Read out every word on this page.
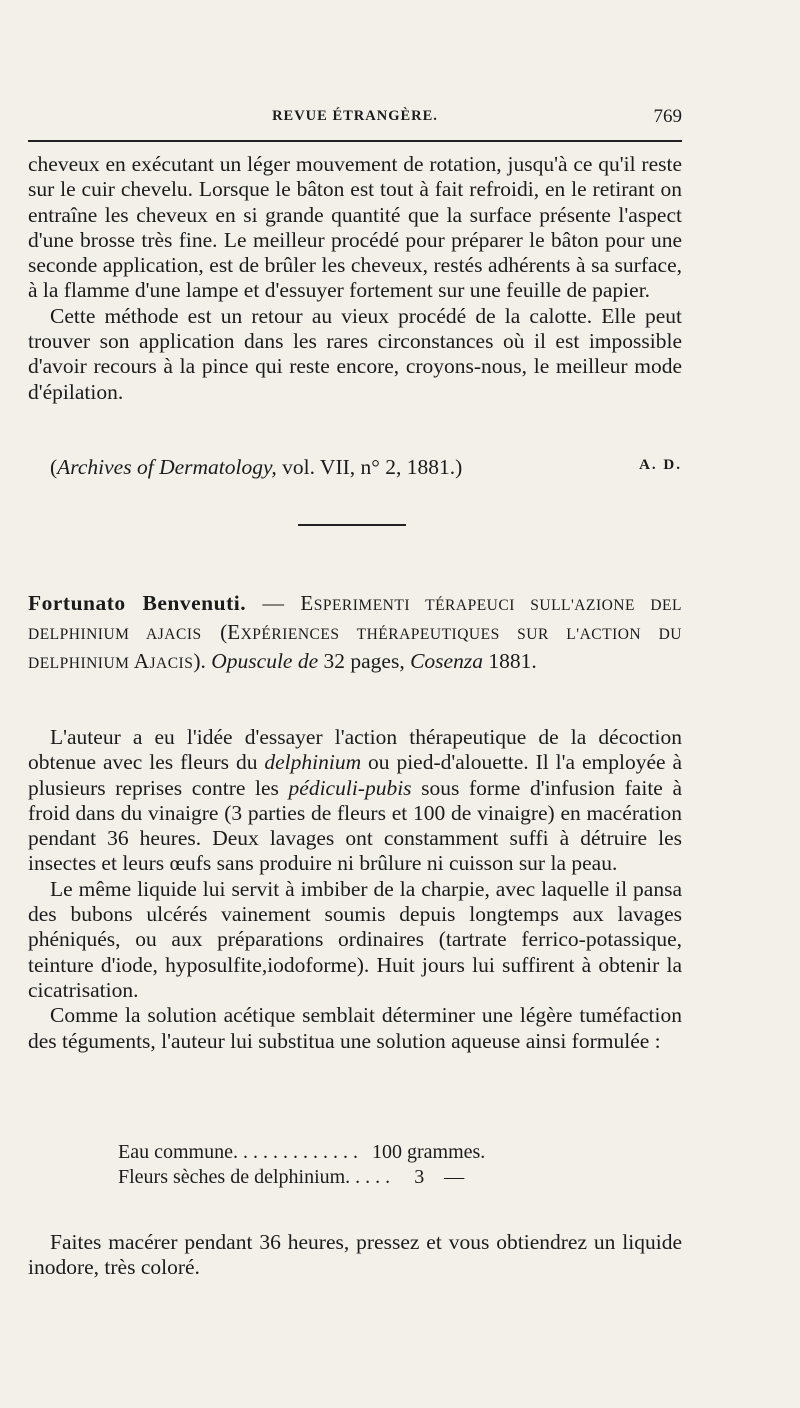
REVUE ÉTRANGÈRE.	769

cheveux en exécutant un léger mouvement de rotation, jusqu'à ce qu'il reste sur le cuir chevelu. Lorsque le bâton est tout à fait refroidi, en le retirant on entraîne les cheveux en si grande quantité que la surface présente l'aspect d'une brosse très fine. Le meilleur procédé pour préparer le bâton pour une seconde application, est de brûler les cheveux, restés adhérents à sa surface, à la flamme d'une lampe et d'essuyer fortement sur une feuille de papier.

Cette méthode est un retour au vieux procédé de la calotte. Elle peut trouver son application dans les rares circonstances où il est impossible d'avoir recours à la pince qui reste encore, croyons-nous, le meilleur mode d'épilation.

(Archives of Dermatology, vol. VII, n° 2, 1881.)	A. D.
Fortunato Benvenuti. — ESPERIMENTI TÉRAPEUCI SULL'AZIONE DEL DELPHINIUM AJACIS (EXPÉRIENCES THÉRAPEUTIQUES SUR L'ACTION DU DELPHINIUM AJACIS). Opuscule de 32 pages, Cosenza 1881.

L'auteur a eu l'idée d'essayer l'action thérapeutique de la décoction obtenue avec les fleurs du delphinium ou pied-d'alouette. Il l'a employée à plusieurs reprises contre les pédiculi-pubis sous forme d'infusion faite à froid dans du vinaigre (3 parties de fleurs et 100 de vinaigre) en macération pendant 36 heures. Deux lavages ont constamment suffi à détruire les insectes et leurs œufs sans produire ni brûlure ni cuisson sur la peau.

Le même liquide lui servit à imbiber de la charpie, avec laquelle il pansa des bubons ulcérés vainement soumis depuis longtemps aux lavages phéniqués, ou aux préparations ordinaires (tartrate ferrico-potassique, teinture d'iode, hyposulfite,iodoforme). Huit jours lui suffirent à obtenir la cicatrisation.

Comme la solution acétique semblait déterminer une légère tuméfaction des téguments, l'auteur lui substitua une solution aqueuse ainsi formulée :

Eau commune. . . . . . . . . . . . . 100 grammes.
Fleurs sèches de delphinium. . . . . 3    —

Faites macérer pendant 36 heures, pressez et vous obtiendrez un liquide inodore, très coloré.
